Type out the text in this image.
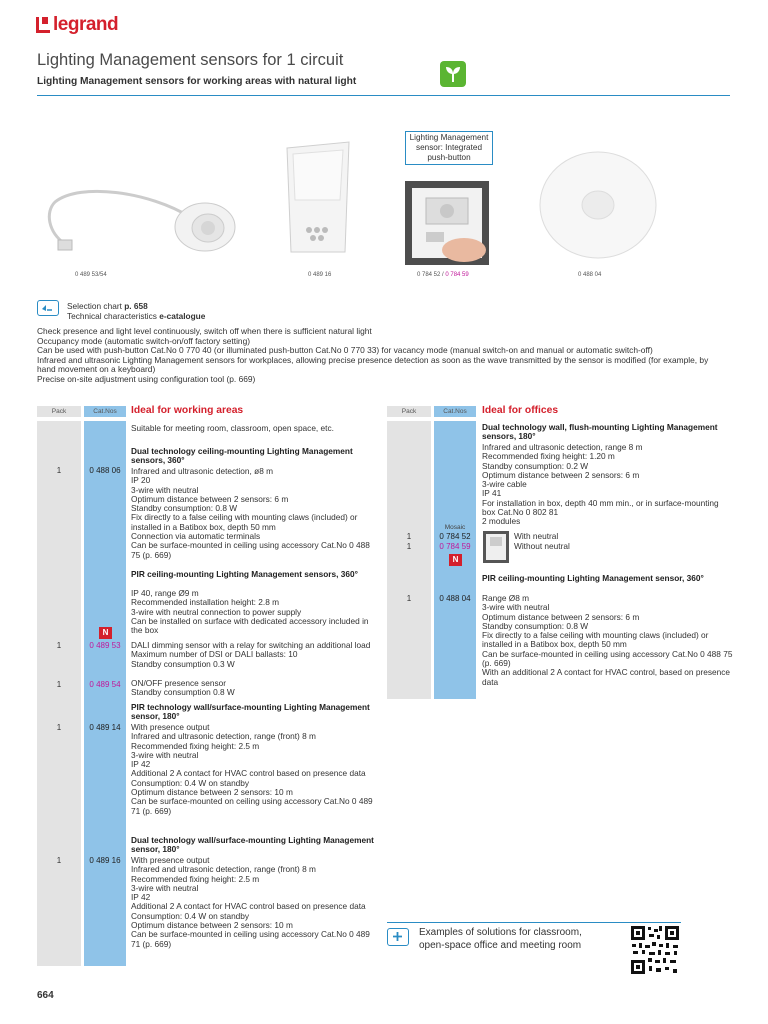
legrand
Lighting Management sensors for 1 circuit
Lighting Management sensors for working areas with natural light
0 489 53/54	0 489 16
Lighting Management sensor: Integrated push-button
0 784 52 / 0 784 59	0 488 04
Selection chart p. 658
Technical characteristics e-catalogue
Check presence and light level continuously, switch off when there is sufficient natural light
Occupancy mode (automatic switch-on/off factory setting)
Can be used with push-button Cat.No 0 770 40 (or illuminated push-button Cat.No 0 770 33) for vacancy mode (manual switch-on and manual or automatic switch-off)
Infrared and ultrasonic Lighting Management sensors for workplaces, allowing precise presence detection as soon as the wave transmitted by the sensor is modified (for example, by hand movement on a keyboard)
Precise on-site adjustment using configuration tool (p. 669)
Pack	Cat.Nos	Ideal for working areas
Suitable for meeting room, classroom, open space, etc.
Dual technology ceiling-mounting Lighting Management sensors, 360°
1	0 488 06	Infrared and ultrasonic detection, ø8 m
IP 20
3-wire with neutral
Optimum distance between 2 sensors: 6 m
Standby consumption: 0.8 W
Fix directly to a false ceiling with mounting claws (included) or installed in a Batibox box, depth 50 mm
Connection via automatic terminals
Can be surface-mounted in ceiling using accessory Cat.No 0 488 75 (p. 669)
PIR ceiling-mounting Lighting Management sensors, 360°
IP 40, range Ø9 m
Recommended installation height: 2.8 m
3-wire with neutral connection to power supply
Can be installed on surface with dedicated accessory included in the box
N
1	0 489 53	DALI dimming sensor with a relay for switching an additional load
Maximum number of DSI or DALI ballasts: 10
Standby consumption 0.3 W
1	0 489 54	ON/OFF presence sensor
Standby consumption 0.8 W
PIR technology wall/surface-mounting Lighting Management sensor, 180°
1	0 489 14	With presence output
Infrared and ultrasonic detection, range (front) 8 m
Recommended fixing height: 2.5 m
3-wire with neutral
IP 42
Additional 2 A contact for HVAC control based on presence data
Consumption: 0.4 W on standby
Optimum distance between 2 sensors: 10 m
Can be surface-mounted on ceiling using accessory Cat.No 0 489 71 (p. 669)
Dual technology wall/surface-mounting Lighting Management sensor, 180°
1	0 489 16	With presence output
Infrared and ultrasonic detection, range (front) 8 m
Recommended fixing height: 2.5 m
3-wire with neutral
IP 42
Additional 2 A contact for HVAC control based on presence data
Consumption: 0.4 W on standby
Optimum distance between 2 sensors: 10 m
Can be surface-mounted in ceiling using accessory Cat.No 0 489 71 (p. 669)
Pack	Cat.Nos	Ideal for offices
Dual technology wall, flush-mounting Lighting Management sensors, 180°
Infrared and ultrasonic detection, range 8 m
Recommended fixing height: 1.20 m
Standby consumption: 0.2 W
Optimum distance between 2 sensors: 6 m
3-wire cable
IP 41
For installation in box, depth 40 mm min., or in surface-mounting box Cat.No 0 802 81
2 modules
Mosaic
1	0 784 52
1	0 784 59
N
With neutral
Without neutral
PIR ceiling-mounting Lighting Management sensor, 360°
1	0 488 04	Range Ø8 m
3-wire with neutral
Optimum distance between 2 sensors: 6 m
Standby consumption: 0.8 W
Fix directly to a false ceiling with mounting claws (included) or installed in a Batibox box, depth 50 mm
Can be surface-mounted in ceiling using accessory Cat.No 0 488 75 (p. 669)
With an additional 2 A contact for HVAC control, based on presence data
Examples of solutions for classroom,
open-space office and meeting room
664
